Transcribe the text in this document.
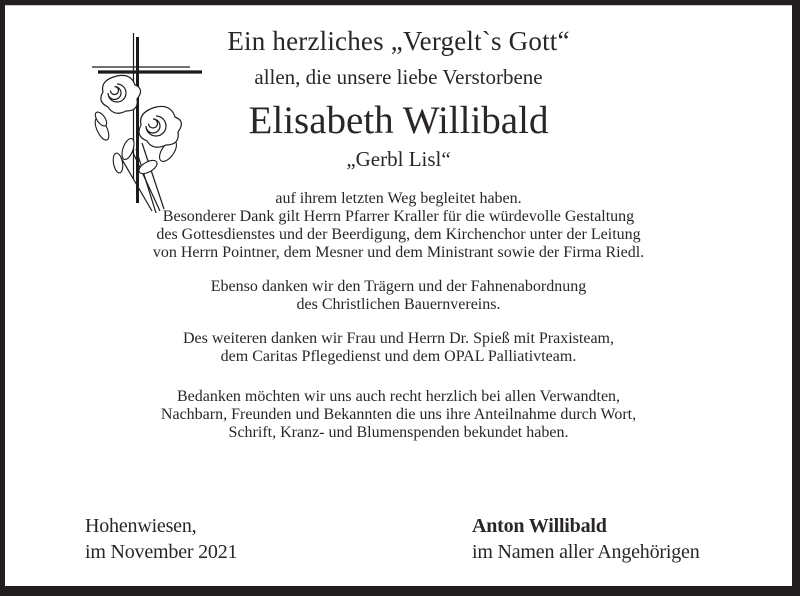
Ein herzliches „Vergelt`s Gott“
allen, die unsere liebe Verstorbene
Elisabeth Willibald
„Gerbl Lisl“

auf ihrem letzten Weg begleitet haben.
Besonderer Dank gilt Herrn Pfarrer Kraller für die würdevolle Gestaltung
des Gottesdienstes und der Beerdigung, dem Kirchenchor unter der Leitung
von Herrn Pointner, dem Mesner und dem Ministrant sowie der Firma Riedl.

Ebenso danken wir den Trägern und der Fahnenabordnung
des Christlichen Bauernvereins.

Des weiteren danken wir Frau und Herrn Dr. Spieß mit Praxisteam,
dem Caritas Pflegedienst und dem OPAL Palliativteam.

Bedanken möchten wir uns auch recht herzlich bei allen Verwandten,
Nachbarn, Freunden und Bekannten die uns ihre Anteilnahme durch Wort,
Schrift, Kranz- und Blumenspenden bekundet haben.

Hohenwiesen,
im November 2021
Anton Willibald
im Namen aller Angehörigen
